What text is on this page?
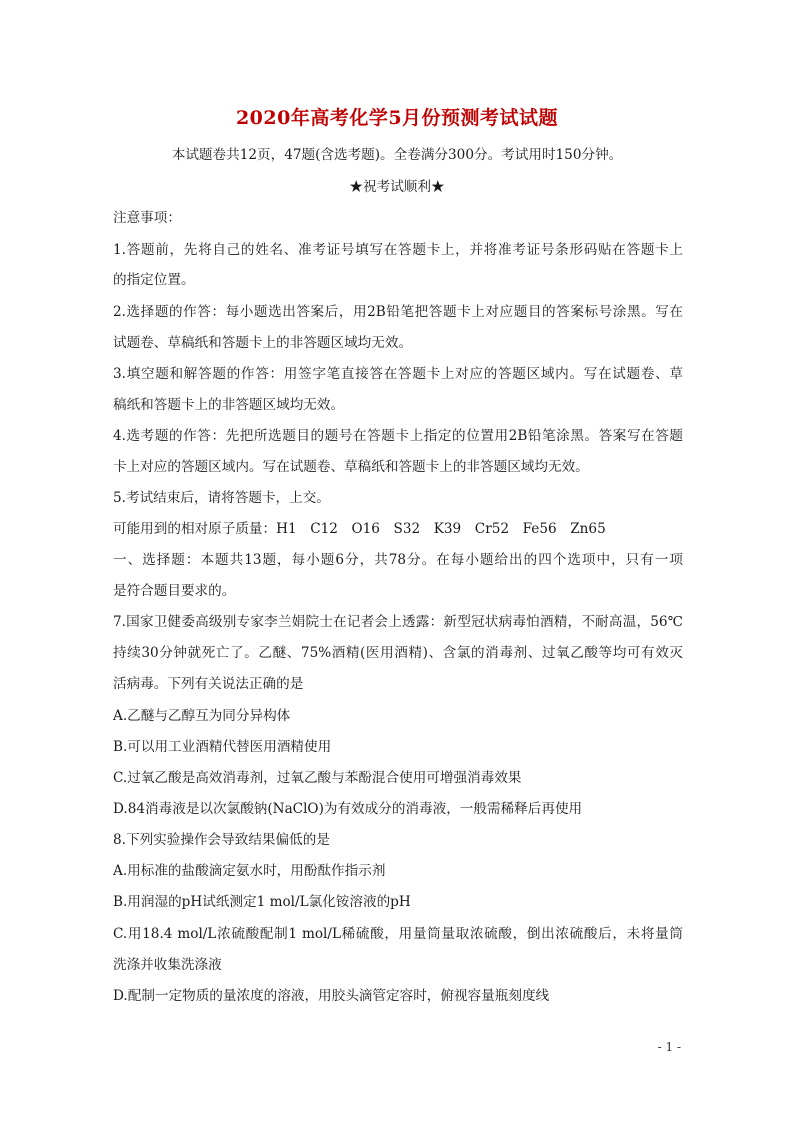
2020年高考化学5月份预测考试试题
本试题卷共12页，47题(含选考题)。全卷满分300分。考试用时150分钟。
★祝考试顺利★
注意事项：
1.答题前，先将自己的姓名、准考证号填写在答题卡上，并将准考证号条形码贴在答题卡上
的指定位置。
2.选择题的作答：每小题选出答案后，用2B铅笔把答题卡上对应题目的答案标号涂黑。写在
试题卷、草稿纸和答题卡上的非答题区域均无效。
3.填空题和解答题的作答：用签字笔直接答在答题卡上对应的答题区域内。写在试题卷、草
稿纸和答题卡上的非答题区域均无效。
4.选考题的作答：先把所选题目的题号在答题卡上指定的位置用2B铅笔涂黑。答案写在答题
卡上对应的答题区域内。写在试题卷、草稿纸和答题卡上的非答题区域均无效。
5.考试结束后，请将答题卡，上交。
可能用到的相对原子质量：H1　C12　O16　S32　K39　Cr52　Fe56　Zn65
一、选择题：本题共13题，每小题6分，共78分。在每小题给出的四个选项中，只有一项
是符合题目要求的。
7.国家卫健委高级别专家李兰娟院士在记者会上透露：新型冠状病毒怕酒精，不耐高温，56℃
持续30分钟就死亡了。乙醚、75%酒精(医用酒精)、含氯的消毒剂、过氧乙酸等均可有效灭
活病毒。下列有关说法正确的是
A.乙醚与乙醇互为同分异构体
B.可以用工业酒精代替医用酒精使用
C.过氧乙酸是高效消毒剂，过氧乙酸与苯酚混合使用可增强消毒效果
D.84消毒液是以次氯酸钠(NaClO)为有效成分的消毒液，一般需稀释后再使用
8.下列实验操作会导致结果偏低的是
A.用标准的盐酸滴定氨水时，用酚酞作指示剂
B.用润湿的pH试纸测定1 mol/L氯化铵溶液的pH
C.用18.4 mol/L浓硫酸配制1 mol/L稀硫酸，用量筒量取浓硫酸，倒出浓硫酸后，未将量筒
洗涤并收集洗涤液
D.配制一定物质的量浓度的溶液，用胶头滴管定容时，俯视容量瓶刻度线
- 1 -
